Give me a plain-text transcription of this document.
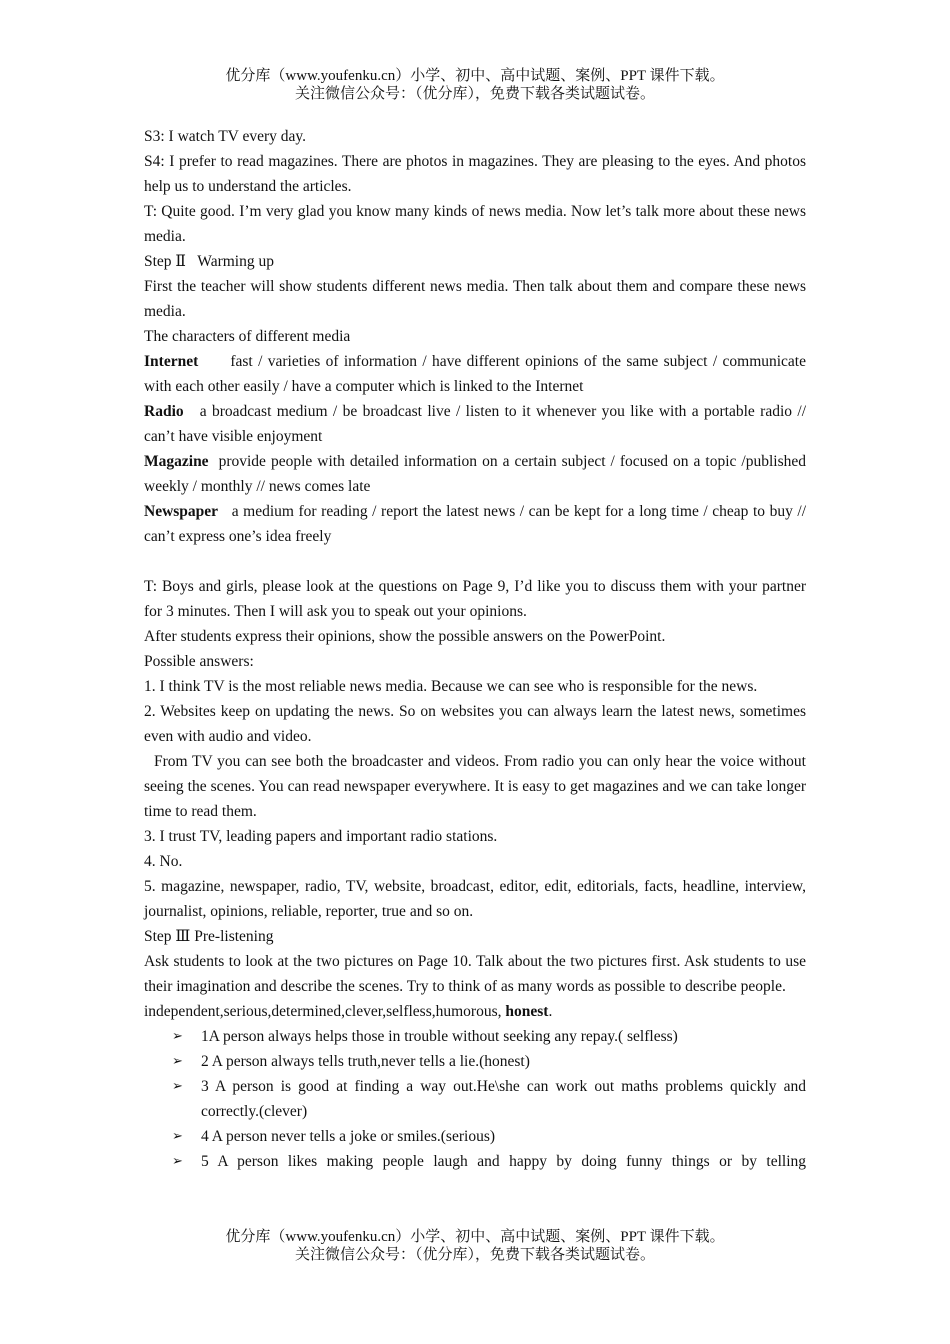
优分库（www.youfenku.cn）小学、初中、高中试题、案例、PPT 课件下载。
关注微信公众号：（优分库），免费下载各类试题试卷。
S3: I watch TV every day.
S4: I prefer to read magazines. There are photos in magazines. They are pleasing to the eyes. And photos help us to understand the articles.
T: Quite good. I’m very glad you know many kinds of news media. Now let’s talk more about these news media.
Step Ⅱ   Warming up
First the teacher will show students different news media. Then talk about them and compare these news media.
The characters of different media
Internet fast / varieties of information / have different opinions of the same subject / communicate with each other easily / have a computer which is linked to the Internet
Radio a broadcast medium / be broadcast live / listen to it whenever you like with a portable radio // can’t have visible enjoyment
Magazine provide people with detailed information on a certain subject / focused on a topic /published weekly / monthly // news comes late
Newspaper a medium for reading / report the latest news / can be kept for a long time / cheap to buy // can’t express one’s idea freely
T: Boys and girls, please look at the questions on Page 9, I’d like you to discuss them with your partner for 3 minutes. Then I will ask you to speak out your opinions.
After students express their opinions, show the possible answers on the PowerPoint.
Possible answers:
1. I think TV is the most reliable news media. Because we can see who is responsible for the news.
2. Websites keep on updating the news. So on websites you can always learn the latest news, sometimes even with audio and video.
From TV you can see both the broadcaster and videos. From radio you can only hear the voice without seeing the scenes. You can read newspaper everywhere. It is easy to get magazines and we can take longer time to read them.
3. I trust TV, leading papers and important radio stations.
4. No.
5. magazine, newspaper, radio, TV, website, broadcast, editor, edit, editorials, facts, headline, interview, journalist, opinions, reliable, reporter, true and so on.
Step Ⅲ Pre-listening
Ask students to look at the two pictures on Page 10. Talk about the two pictures first. Ask students to use their imagination and describe the scenes. Try to think of as many words as possible to describe people.
independent,serious,determined,clever,selfless,humorous, honest.
➢ 1A person always helps those in trouble without seeking any repay.( selfless)
➢ 2 A person always tells truth,never tells a lie.(honest)
➢ 3 A person is good at finding a way out.He\she can work out maths problems quickly and correctly.(clever)
➢ 4 A person never tells a joke or smiles.(serious)
➢ 5 A person likes making people laugh and happy by doing funny things or by telling
优分库（www.youfenku.cn）小学、初中、高中试题、案例、PPT 课件下载。
关注微信公众号：（优分库），免费下载各类试题试卷。
